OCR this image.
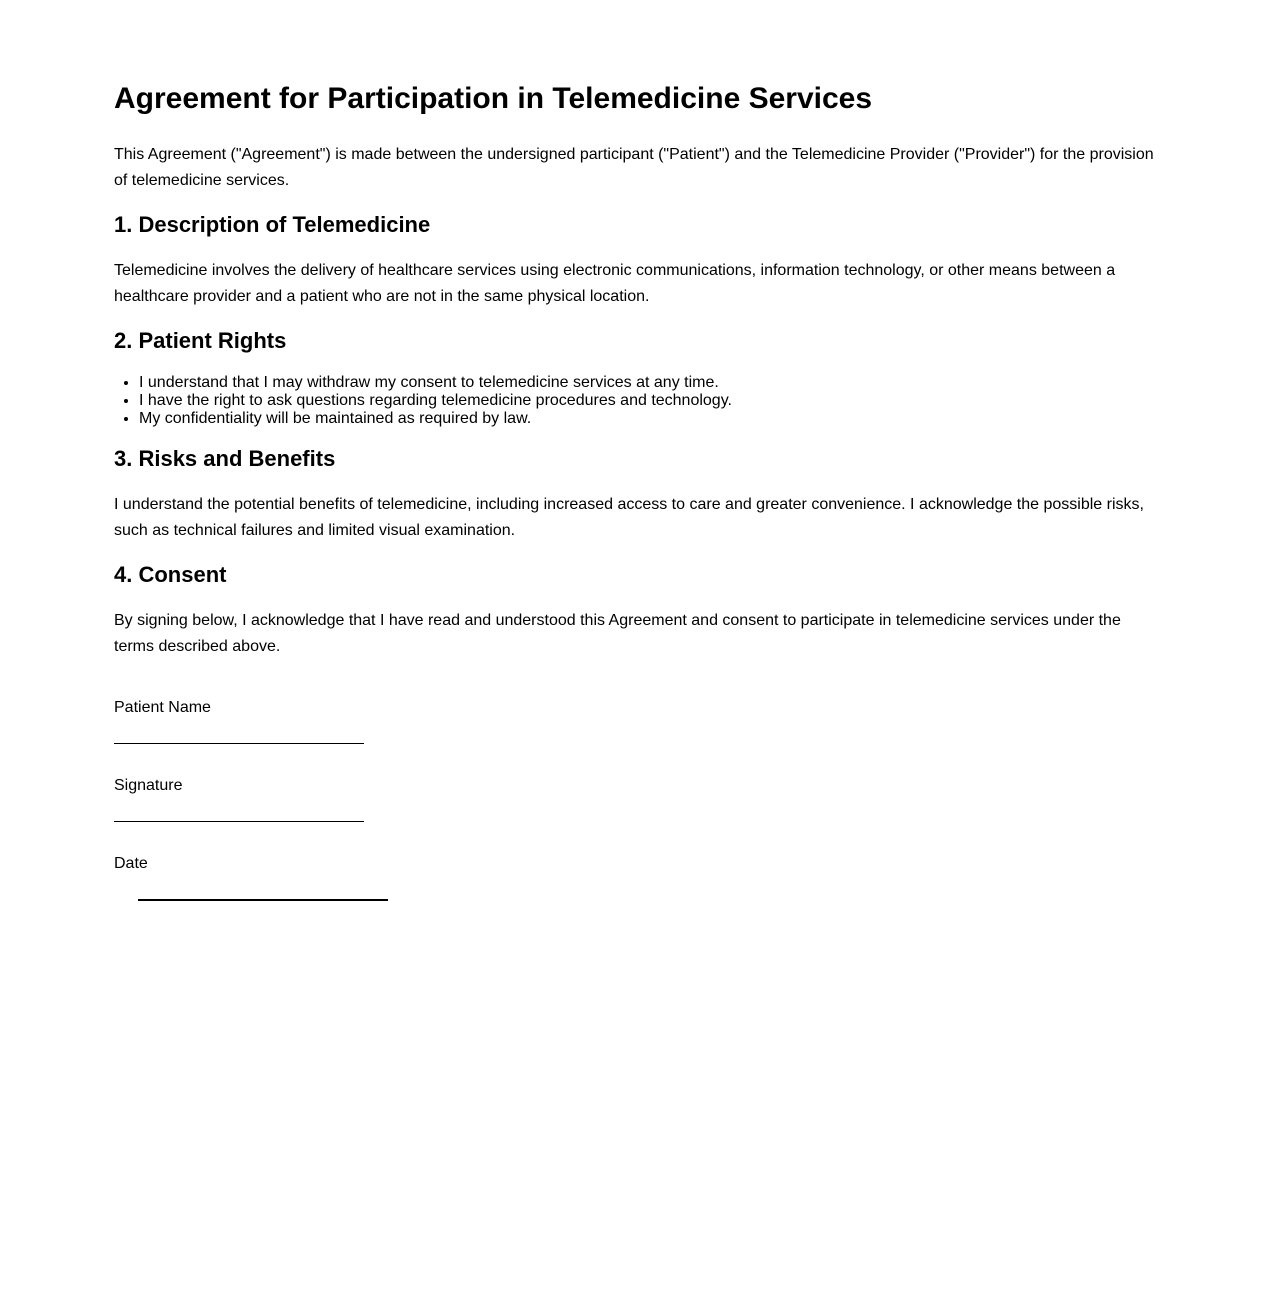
Agreement for Participation in Telemedicine Services

This Agreement ("Agreement") is made between the undersigned participant ("Patient") and the Telemedicine Provider ("Provider") for the provision of telemedicine services.

1. Description of Telemedicine

Telemedicine involves the delivery of healthcare services using electronic communications, information technology, or other means between a healthcare provider and a patient who are not in the same physical location.

2. Patient Rights
• I understand that I may withdraw my consent to telemedicine services at any time.
• I have the right to ask questions regarding telemedicine procedures and technology.
• My confidentiality will be maintained as required by law.
3. Risks and Benefits

I understand the potential benefits of telemedicine, including increased access to care and greater convenience. I acknowledge the possible risks, such as technical failures and limited visual examination.

4. Consent

By signing below, I acknowledge that I have read and understood this Agreement and consent to participate in telemedicine services under the terms described above.

Patient Name

Signature

Date
